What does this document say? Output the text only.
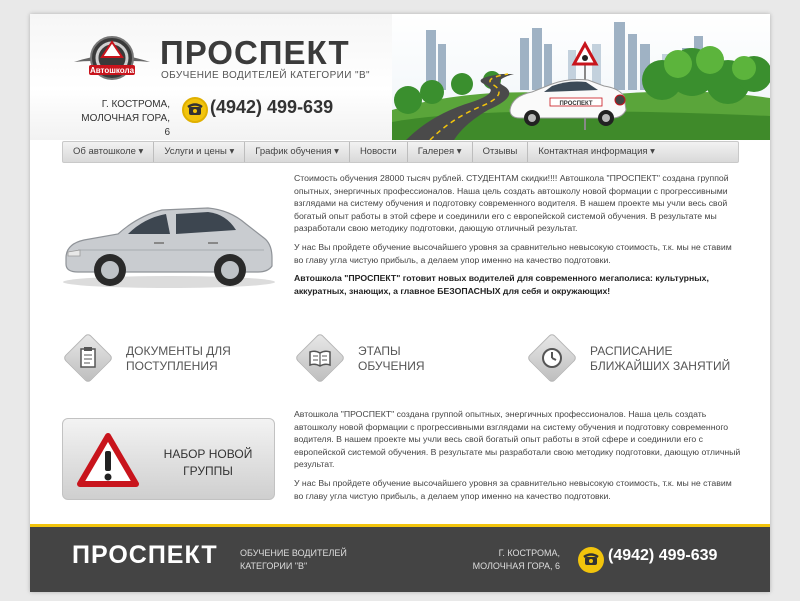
Автошкола ПРОСПЕКТ
ОБУЧЕНИЕ ВОДИТЕЛЕЙ КАТЕГОРИИ "В"
Г. КОСТРОМА,
МОЛОЧНАЯ ГОРА, 6
(4942) 499-639	ПРОСПЕКТ
Об автошколе ▾	Услуги и цены ▾	График обучения ▾	Новости	Галерея ▾	Отзывы	Контактная информация ▾

Стоимость обучения 28000 тысяч рублей. СТУДЕНТАМ скидки!!!! Автошкола "ПРОСПЕКТ" создана группой опытных, энергичных профессионалов. Наша цель создать автошколу новой формации с прогрессивными взглядами на систему обучения и подготовку современного водителя. В нашем проекте мы учли весь свой богатый опыт работы в этой сфере и соединили его с европейской системой обучения. В результате мы разработали свою методику подготовки, дающую отличный результат.

У нас Вы пройдете обучение высочайшего уровня за сравнительно невысокую стоимость, т.к. мы не ставим во главу угла чистую прибыль, а делаем упор именно на качество подготовки.

Автошкола "ПРОСПЕКТ" готовит новых водителей для современного мегаполиса: культурных, аккуратных, знающих, а главное БЕЗОПАСНЫХ для себя и окружающих!

ДОКУМЕНТЫ ДЛЯ
ПОСТУПЛЕНИЯ
ЭТАПЫ
ОБУЧЕНИЯ
РАСПИСАНИЕ
БЛИЖАЙШИХ ЗАНЯТИЙ
НАБОР НОВОЙ
ГРУППЫ

Автошкола "ПРОСПЕКТ" создана группой опытных, энергичных профессионалов. Наша цель создать автошколу новой формации с прогрессивными взглядами на систему обучения и подготовку современного водителя. В нашем проекте мы учли весь свой богатый опыт работы в этой сфере и соединили его с европейской системой обучения. В результате мы разработали свою методику подготовки, дающую отличный результат.

У нас Вы пройдете обучение высочайшего уровня за сравнительно невысокую стоимость, т.к. мы не ставим во главу угла чистую прибыль, а делаем упор именно на качество подготовки.

ПРОСПЕКТ ОБУЧЕНИЕ ВОДИТЕЛЕЙ
КАТЕГОРИИ "В"
Г. КОСТРОМА,
МОЛОЧНАЯ ГОРА, 6
(4942) 499-639
